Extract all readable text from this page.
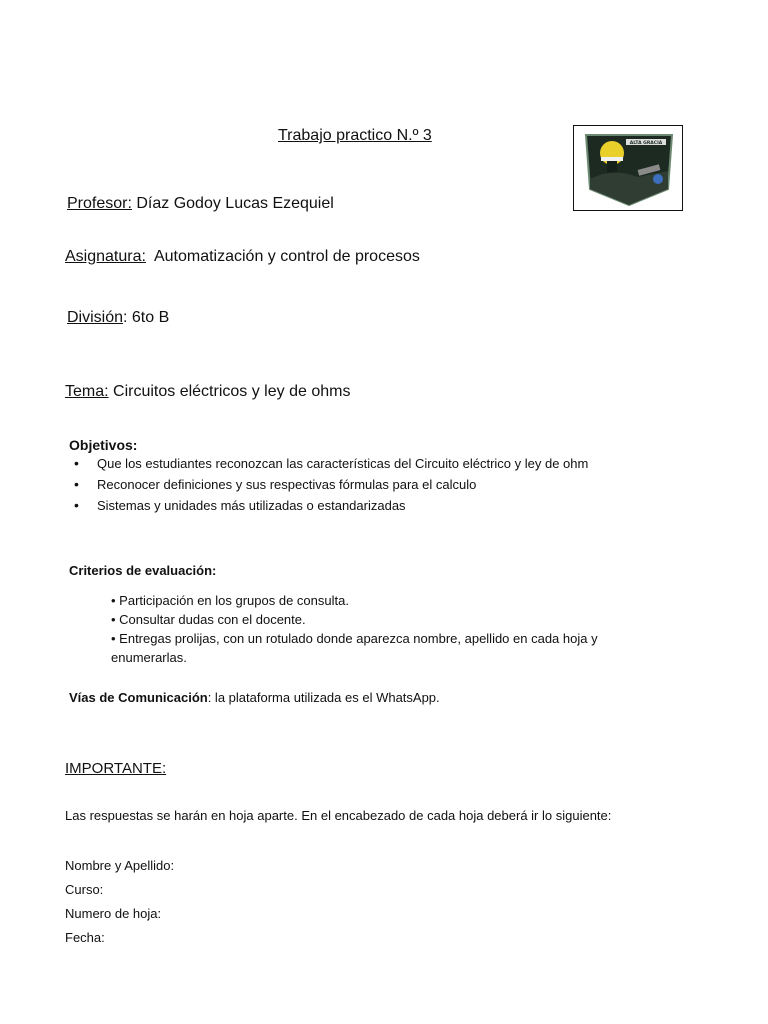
Trabajo practico N.º 3
Profesor: Díaz Godoy Lucas Ezequiel
Asignatura:  Automatización y control de procesos
División: 6to B
Tema: Circuitos eléctricos y ley de ohms
ALTA GRACIA
Objetivos:
• Que los estudiantes reconozcan las características del Circuito eléctrico y ley de ohm
• Reconocer definiciones y sus respectivas fórmulas para el calculo
• Sistemas y unidades más utilizadas o estandarizadas
Criterios de evaluación:
• Participación en los grupos de consulta.
• Consultar dudas con el docente.
• Entregas prolijas, con un rotulado donde aparezca nombre, apellido en cada hoja y enumerarlas.
Vías de Comunicación: la plataforma utilizada es el WhatsApp.
IMPORTANTE:
Las respuestas se harán en hoja aparte. En el encabezado de cada hoja deberá ir lo siguiente:
Nombre y Apellido:
Curso:
Numero de hoja:
Fecha:
